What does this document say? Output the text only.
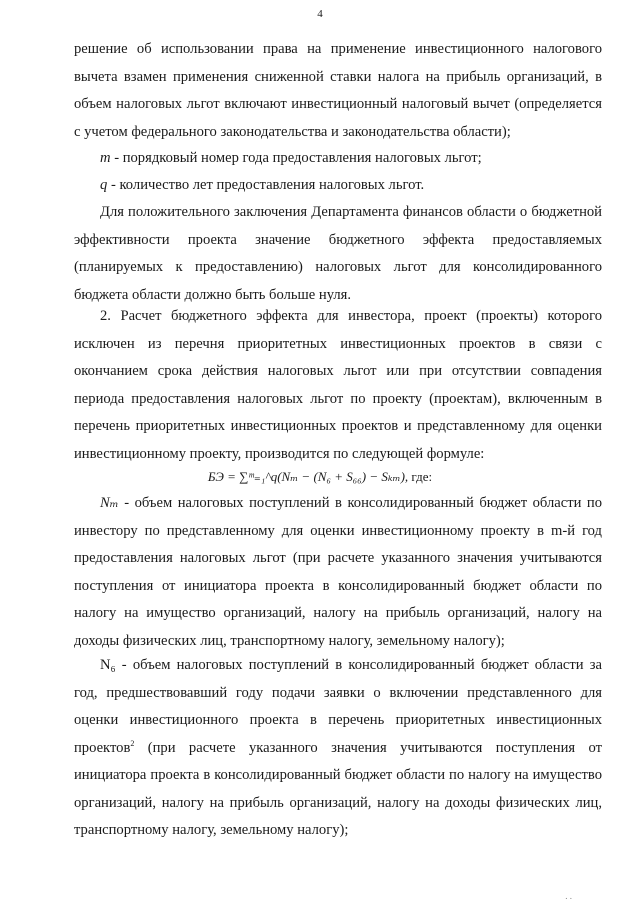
4

решение об использовании права на применение инвестиционного налогового вычета взамен применения сниженной ставки налога на прибыль организаций, в объем налоговых льгот включают инвестиционный налоговый вычет (определяется с учетом федерального законодательства и законодательства области);

m - порядковый номер года предоставления налоговых льгот;

q - количество лет предоставления налоговых льгот.

Для положительного заключения Департамента финансов области о бюджетной эффективности проекта значение бюджетного эффекта предоставляемых (планируемых к предоставлению) налоговых льгот для консолидированного бюджета области должно быть больше нуля.

2. Расчет бюджетного эффекта для инвестора, проект (проекты) которого исключен из перечня приоритетных инвестиционных проектов в связи с окончанием срока действия налоговых льгот или при отсутствии совпадения периода предоставления налоговых льгот по проекту (проектам), включенным в перечень приоритетных инвестиционных проектов и представленному для оценки инвестиционному проекту, производится по следующей формуле:

БЭ = ∑ᵐ₌₁^q(Nₘ − (N₆ + S₆₆) − Sₖₘ), где:

Nₘ - объем налоговых поступлений в консолидированный бюджет области по инвестору по представленному для оценки инвестиционному проекту в m-й год предоставления налоговых льгот (при расчете указанного значения учитываются поступления от инициатора проекта в консолидированный бюджет области по налогу на имущество организаций, налогу на прибыль организаций, налогу на доходы физических лиц, транспортному налогу, земельному налогу);

N₆ - объем налоговых поступлений в консолидированный бюджет области за год, предшествовавший году подачи заявки о включении представленного для оценки инвестиционного проекта в перечень приоритетных инвестиционных проектов$^2$ (при расчете указанного значения учитываются поступления от инициатора проекта в консолидированный бюджет области по налогу на имущество организаций, налогу на прибыль организаций, налогу на доходы физических лиц, транспортному налогу, земельному налогу);

. .
